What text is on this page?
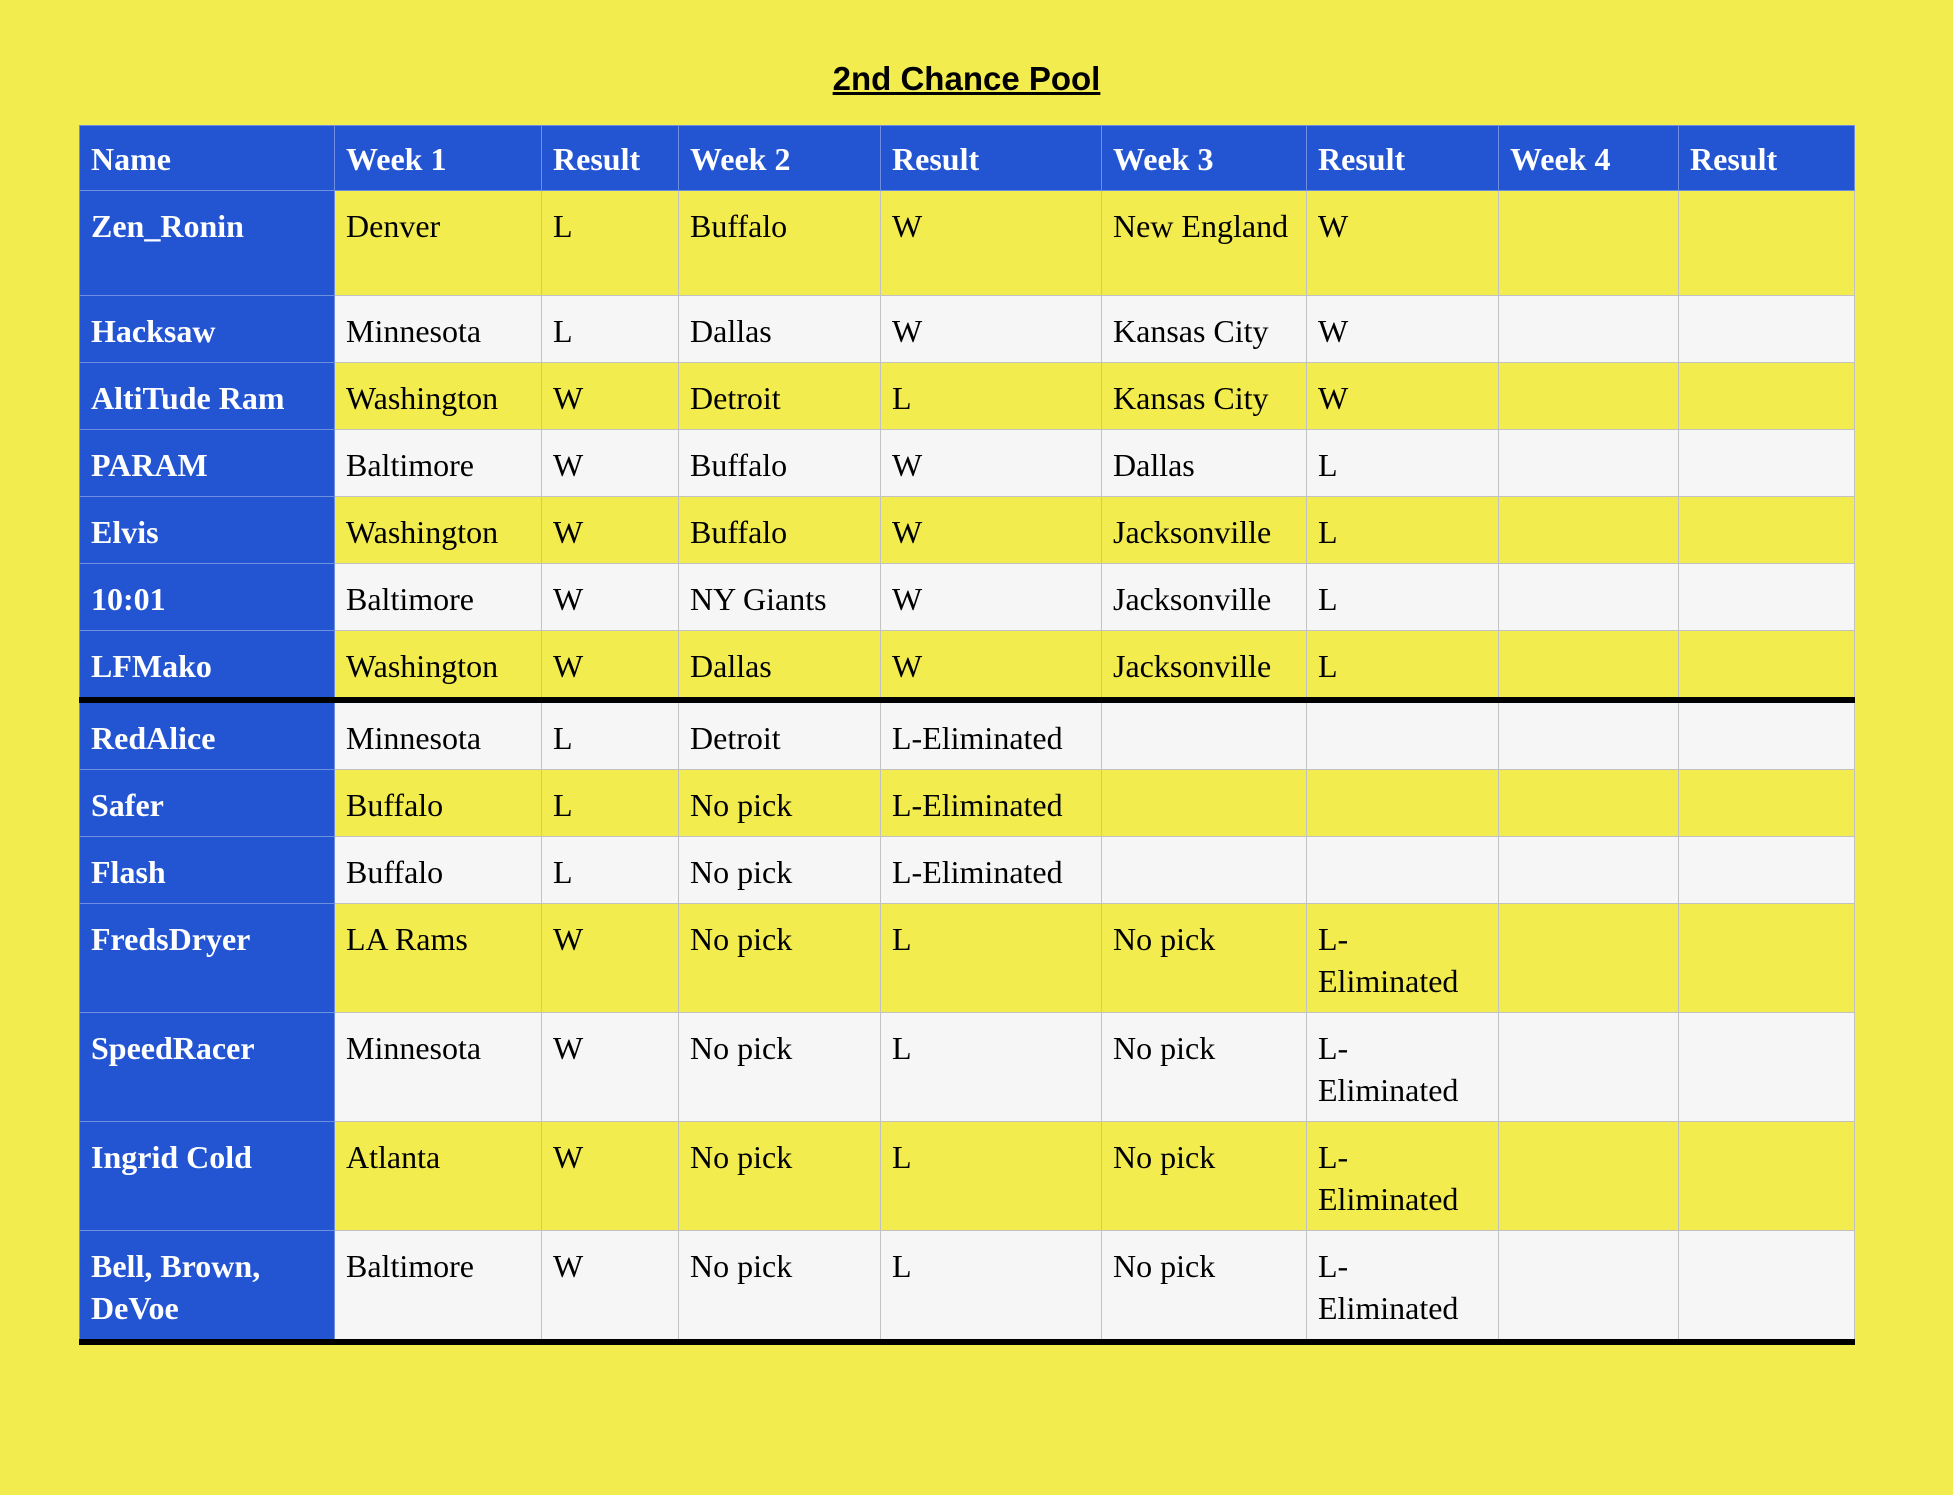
2nd Chance Pool
Name	Week 1	Result	Week 2	Result	Week 3	Result	Week 4	Result
Zen_Ronin	Denver	L	Buffalo	W	New England	W		
Hacksaw	Minnesota	L	Dallas	W	Kansas City	W		
AltiTude Ram	Washington	W	Detroit	L	Kansas City	W		
PARAM	Baltimore	W	Buffalo	W	Dallas	L		
Elvis	Washington	W	Buffalo	W	Jacksonville	L		
10:01	Baltimore	W	NY Giants	W	Jacksonville	L		
LFMako	Washington	W	Dallas	W	Jacksonville	L		
RedAlice	Minnesota	L	Detroit	L-Eliminated				
Safer	Buffalo	L	No pick	L-Eliminated				
Flash	Buffalo	L	No pick	L-Eliminated				
FredsDryer	LA Rams	W	No pick	L	No pick	L-Eliminated		
SpeedRacer	Minnesota	W	No pick	L	No pick	L-Eliminated		
Ingrid Cold	Atlanta	W	No pick	L	No pick	L-Eliminated		
Bell, Brown, DeVoe	Baltimore	W	No pick	L	No pick	L-Eliminated		
